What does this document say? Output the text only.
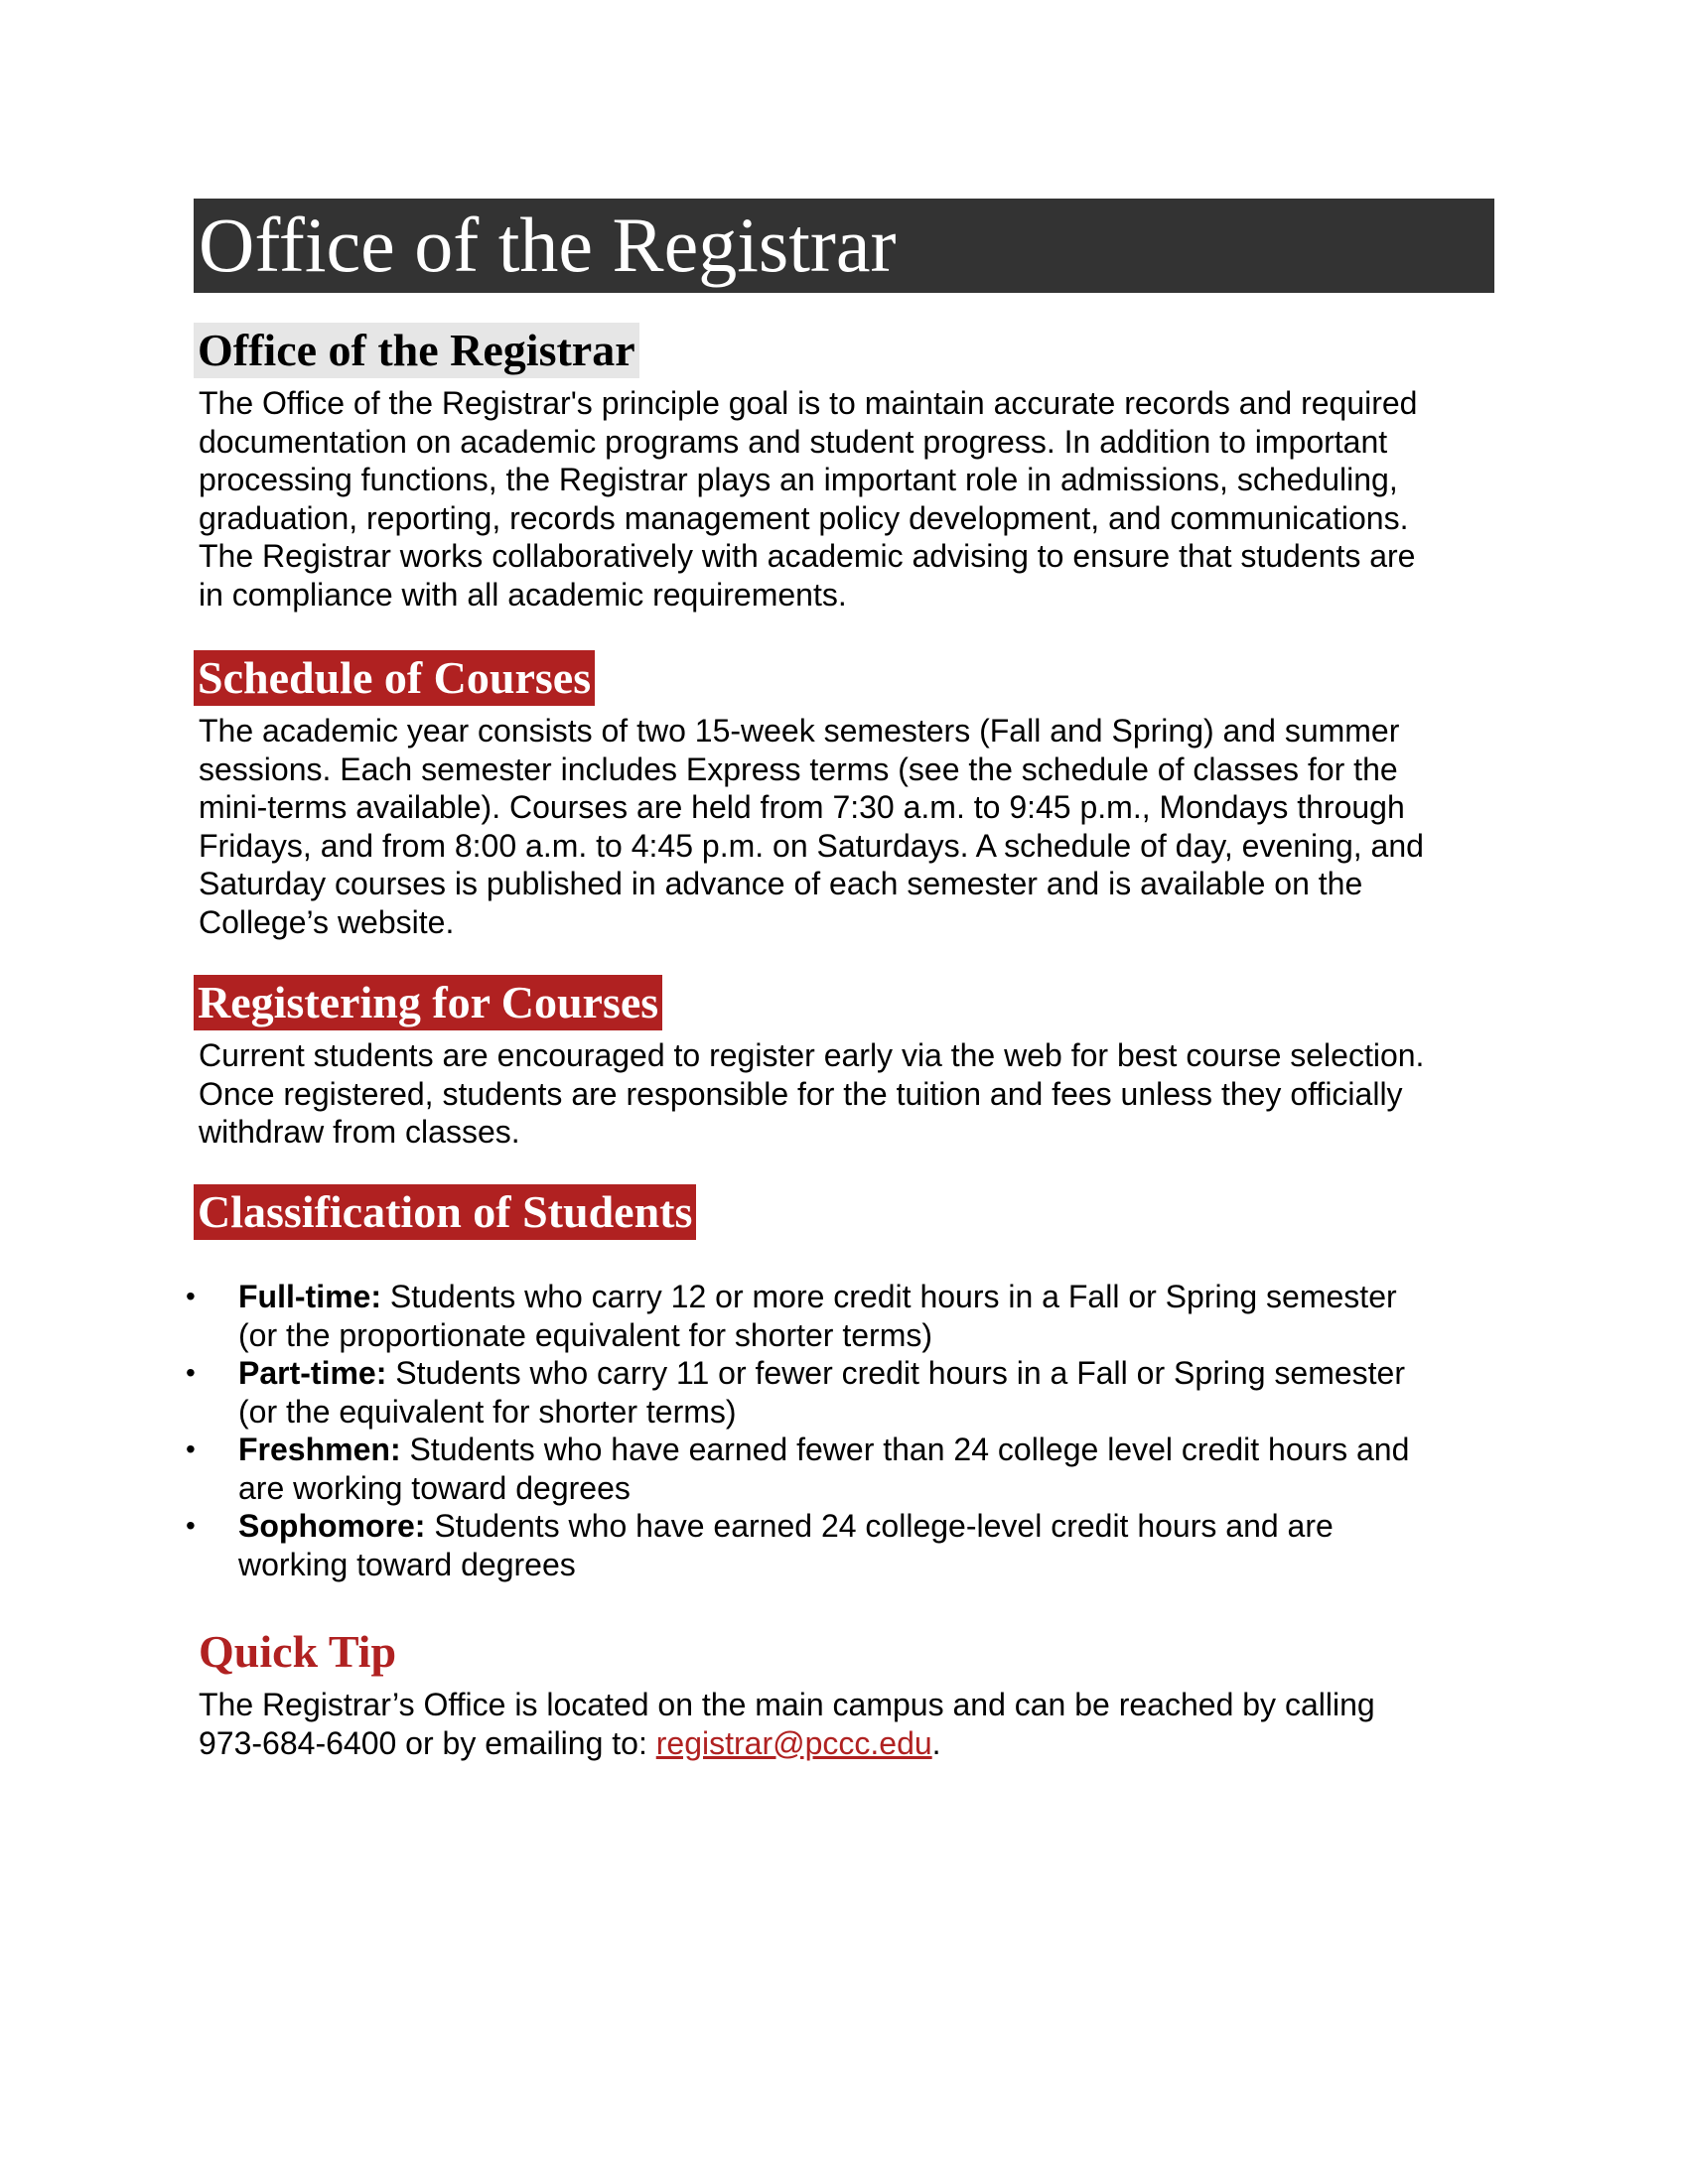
Office of the Registrar
Office of the Registrar
The Office of the Registrar's principle goal is to maintain accurate records and required
documentation on academic programs and student progress. In addition to important
processing functions, the Registrar plays an important role in admissions, scheduling,
graduation, reporting, records management policy development, and communications.
The Registrar works collaboratively with academic advising to ensure that students are
in compliance with all academic requirements.
Schedule of Courses
The academic year consists of two 15-week semesters (Fall and Spring) and summer
sessions. Each semester includes Express terms (see the schedule of classes for the
mini-terms available). Courses are held from 7:30 a.m. to 9:45 p.m., Mondays through
Fridays, and from 8:00 a.m. to 4:45 p.m. on Saturdays. A schedule of day, evening, and
Saturday courses is published in advance of each semester and is available on the
College’s website.
Registering for Courses
Current students are encouraged to register early via the web for best course selection.
Once registered, students are responsible for the tuition and fees unless they officially
withdraw from classes.
Classification of Students
•	Full-time: Students who carry 12 or more credit hours in a Fall or Spring semester
(or the proportionate equivalent for shorter terms)
•	Part-time: Students who carry 11 or fewer credit hours in a Fall or Spring semester
(or the equivalent for shorter terms)
•	Freshmen: Students who have earned fewer than 24 college level credit hours and
are working toward degrees
•	Sophomore: Students who have earned 24 college-level credit hours and are
working toward degrees
Quick Tip
The Registrar’s Office is located on the main campus and can be reached by calling
973-684-6400 or by emailing to: registrar@pccc.edu.
